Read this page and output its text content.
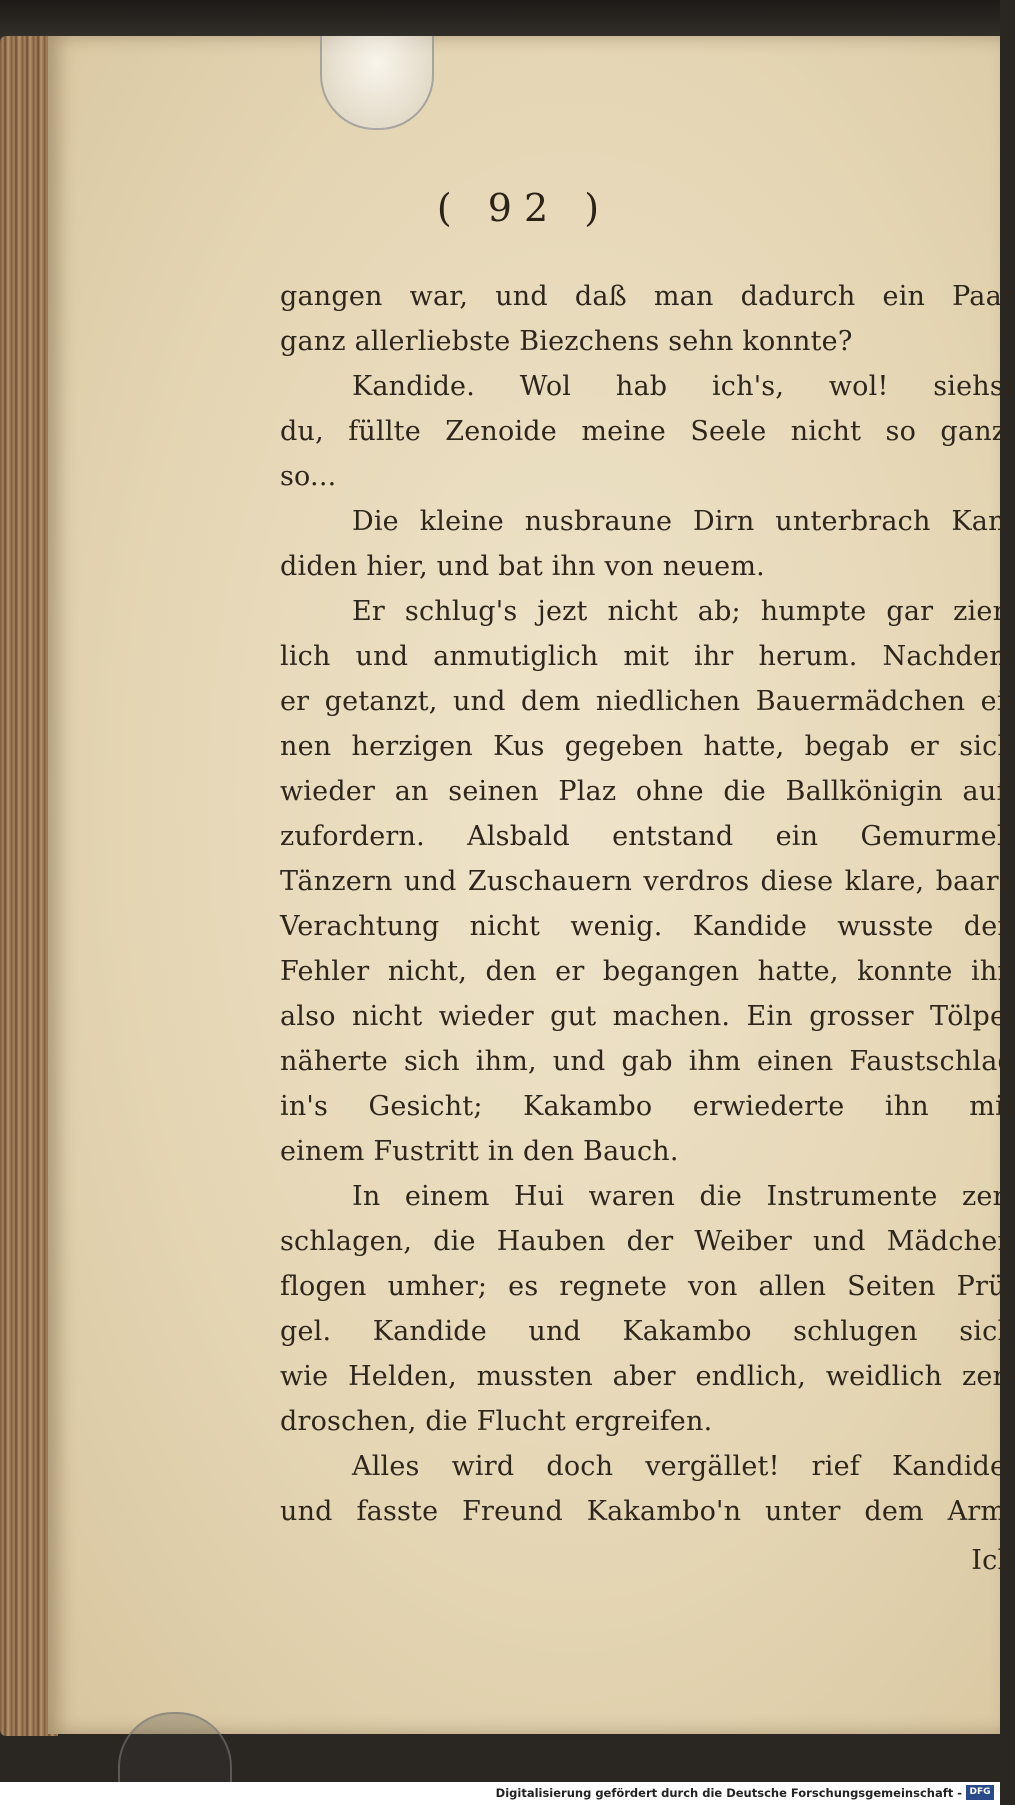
( 92 )
gangen war, und daß man dadurch ein Paar
ganz allerliebste Biezchens sehn konnte?
Kandide. Wol hab ich's, wol! siehst
du, füllte Zenoide meine Seele nicht so ganz,
so...
Die kleine nusbraune Dirn unterbrach Kan-
diden hier, und bat ihn von neuem.
Er schlug's jezt nicht ab; humpte gar zier-
lich und anmutiglich mit ihr herum. Nachdem
er getanzt, und dem niedlichen Bauermädchen ei-
nen herzigen Kus gegeben hatte, begab er sich
wieder an seinen Plaz ohne die Ballkönigin auf-
zufordern. Alsbald entstand ein Gemurmel;
Tänzern und Zuschauern verdros diese klare, baare
Verachtung nicht wenig. Kandide wusste den
Fehler nicht, den er begangen hatte, konnte ihn
also nicht wieder gut machen. Ein grosser Tölpel
näherte sich ihm, und gab ihm einen Faustschlag
in's Gesicht; Kakambo erwiederte ihn mit
einem Fustritt in den Bauch.
In einem Hui waren die Instrumente zer-
schlagen, die Hauben der Weiber und Mädchen
flogen umher; es regnete von allen Seiten Prü-
gel. Kandide und Kakambo schlugen sich
wie Helden, mussten aber endlich, weidlich zer-
droschen, die Flucht ergreifen.
Alles wird doch vergället! rief Kandide,
und fasste Freund Kakambo'n unter dem Arm.
Ich
Digitalisierung gefördert durch die Deutsche Forschungsgemeinschaft - DFG
